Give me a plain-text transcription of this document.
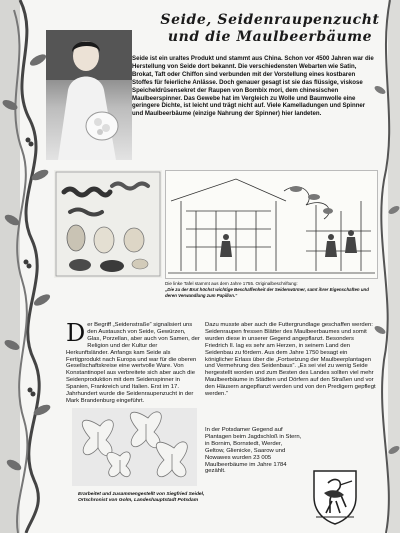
Seide, Seidenraupenzucht
und die Maulbeerbäume

Seide ist ein uraltes Produkt und stammt aus China. Schon vor 4500 Jahren war die Herstellung von Seide dort bekannt. Die verschiedensten Webarten wie Satin, Brokat, Taft oder Chiffon sind verbunden mit der Vorstellung eines kostbaren Stoffes für feierliche Anlässe. Doch genauer gesagt ist sie das flüssige, viskose Speicheldrüsensekret der Raupen von Bombix mori, dem chinesischen Maulbeerspinner. Das Gewebe hat im Vergleich zu Wolle und Baumwolle eine geringere Dichte, ist leicht und trägt nicht auf. Viele Kamelladungen und Spinner und Maulbeerbäume (einzige Nahrung der Spinner) hier landeten.

Die linke Tafel stammt aus dem Jahre 1755. Originalbeschriftung:

„Die zu der Brut höchst wichtige Beschaffenheit der Seidenwürmer, samt ihrer Eigenschaften und deren Verwandlung zum Papillon.“

Der Begriff „Seidenstraße“ signalisiert uns den Austausch von Seide, Gewürzen, Glas, Porzellan, aber auch von Samen, der Religion und der Kultur der Herkunftsländer. Anfangs kam Seide als Fertigprodukt nach Europa und war für die oberen Gesellschaftskreise eine wertvolle Ware. Von Konstantinopel aus verbreitete sich aber auch die Seidenproduktion mit dem Seidenspinner in Spanien, Frankreich und Italien. Erst im 17. Jahrhundert wurde die Seidenraupenzucht in der Mark Brandenburg eingeführt.

Dazu musste aber auch die Futtergrundlage geschaffen werden: Seidenraupen fressen Blätter des Maulbeerbaumes und somit wurden diese in unserer Gegend angepflanzt. Besonders Friedrich II. lag es sehr am Herzen, in seinem Land den Seidenbau zu fördern. Aus dem Jahre 1750 besagt ein königlicher Erlass über die „Fortsetzung der Maulbeerplantagen und Vermehrung des Seidenbaus“. „Es sei viel zu wenig Seide hergestellt worden und zum Besten des Landes sollten viel mehr Maulbeerbäume in Städten und Dörfern auf den Straßen und vor den Häusern angepflanzt werden und von den Predigern gepflegt werden.“

In der Potsdamer Gegend auf Plantagen beim Jagdschloß in Stern, in Bornim, Bornstedt, Werder, Geltow, Glienicke, Saarow und Nowawes wurden 23 005 Maulbeerbäume im Jahre 1784 gezählt.

Erarbeitet und zusammengestellt von Siegfried Seidel,
Ortschronist von Golm, Landeshauptstadt Potsdam
